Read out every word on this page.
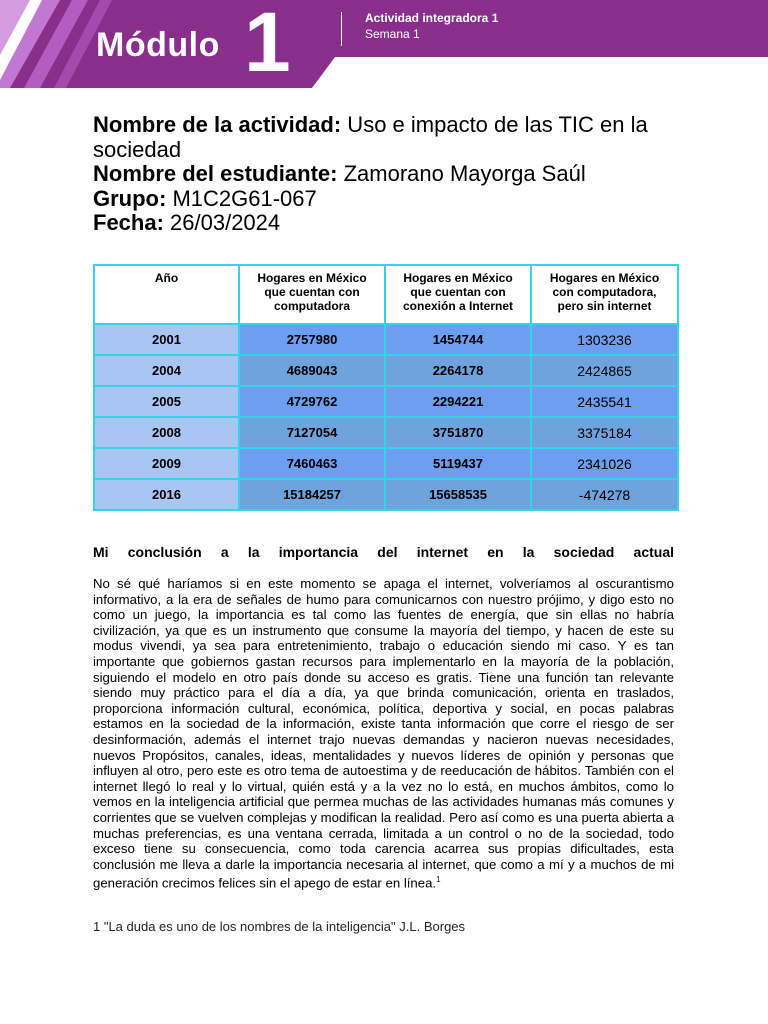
Módulo 1	Actividad integradora 1
Semana 1
Nombre de la actividad: Uso e impacto de las TIC en la sociedad
Nombre del estudiante: Zamorano Mayorga Saúl
Grupo: M1C2G61-067
Fecha: 26/03/2024
Año	Hogares en México que cuentan con computadora	Hogares en México que cuentan con conexión a Internet	Hogares en México con computadora, pero sin internet
2001	2757980	1454744	1303236
2004	4689043	2264178	2424865
2005	4729762	2294221	2435541
2008	7127054	3751870	3375184
2009	7460463	5119437	2341026
2016	15184257	15658535	-474278
Mi conclusión a la importancia del internet en la sociedad actual

No sé qué haríamos si en este momento se apaga el internet, volveríamos al oscurantismo informativo, a la era de señales de humo para comunicarnos con nuestro prójimo, y digo esto no como un juego, la importancia es tal como las fuentes de energía, que sin ellas no habría civilización, ya que es un instrumento que consume la mayoría del tiempo, y hacen de este su modus vivendi, ya sea para entretenimiento, trabajo o educación siendo mi caso. Y es tan importante que gobiernos gastan recursos para implementarlo en la mayoría de la población, siguiendo el modelo en otro país donde su acceso es gratis. Tiene una función tan relevante siendo muy práctico para el día a día, ya que brinda comunicación, orienta en traslados, proporciona información cultural, económica, política, deportiva y social, en pocas palabras estamos en la sociedad de la información, existe tanta información que corre el riesgo de ser desinformación, además el internet trajo nuevas demandas y nacieron nuevas necesidades, nuevos Propósitos, canales, ideas, mentalidades y nuevos líderes de opinión y personas que influyen al otro, pero este es otro tema de autoestima y de reeducación de hábitos. También con el internet llegó lo real y lo virtual, quién está y a la vez no lo está, en muchos ámbitos, como lo vemos en la inteligencia artificial que permea muchas de las actividades humanas más comunes y corrientes que se vuelven complejas y modifican la realidad. Pero así como es una puerta abierta a muchas preferencias, es una ventana cerrada, limitada a un control o no de la sociedad, todo exceso tiene su consecuencia, como toda carencia acarrea sus propias dificultades, esta conclusión me lleva a darle la importancia necesaria al internet, que como a mí y a muchos de mi generación crecimos felices sin el apego de estar en línea.$^1$

1 "La duda es uno de los nombres de la inteligencia" J.L. Borges
